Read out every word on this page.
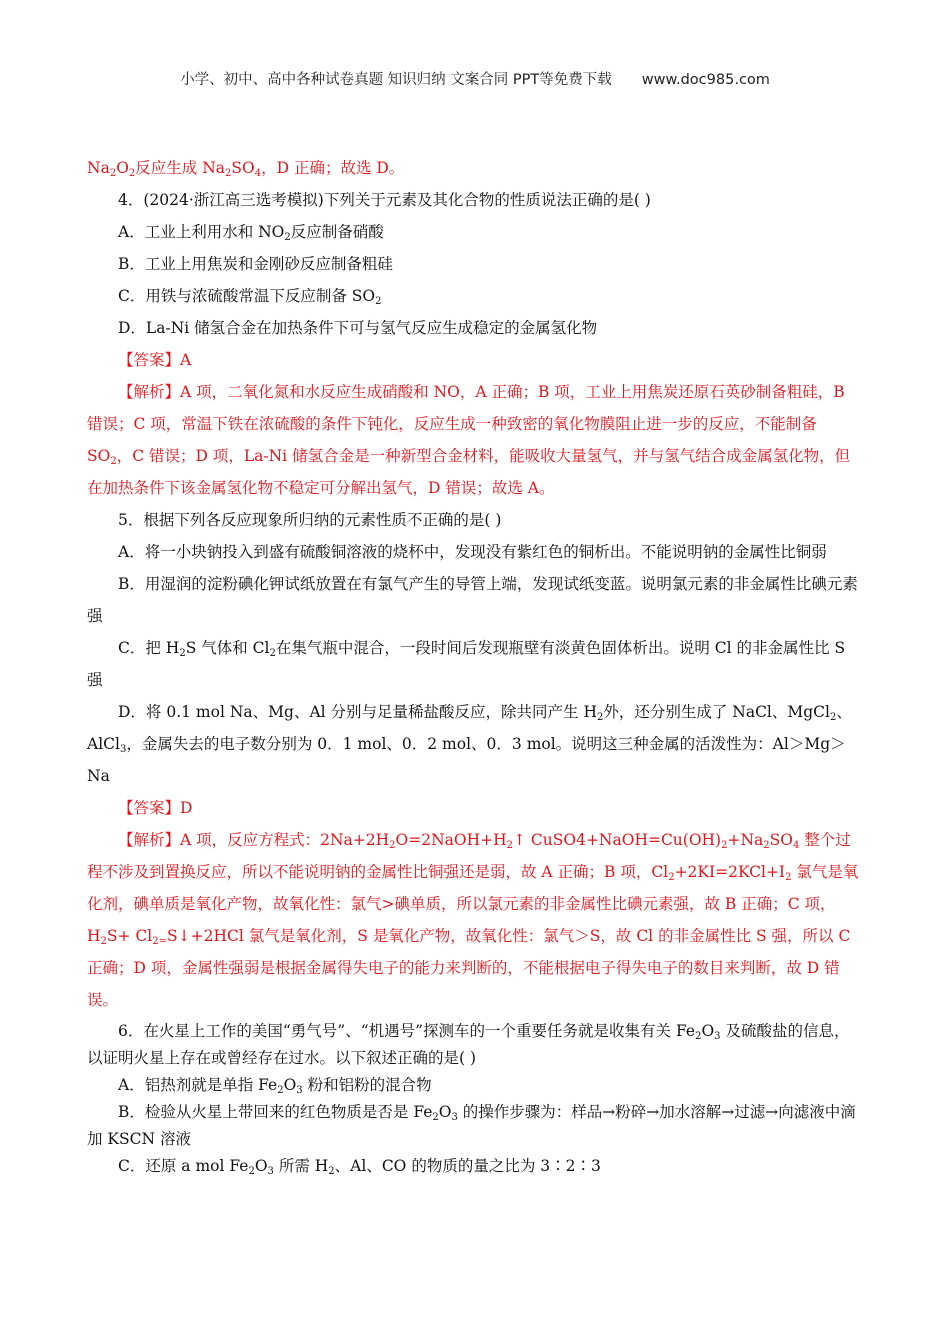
小学、初中、高中各种试卷真题 知识归纳 文案合同 PPT等免费下载 www.doc985.com

$Na_2O_2$反应生成 $Na_2SO_4$，D 正确；故选 D。

4．(2024·浙江高三选考模拟)下列关于元素及其化合物的性质说法正确的是( )

A．工业上利用水和 $NO_2$反应制备硝酸

B．工业上用焦炭和金刚砂反应制备粗硅

C．用铁与浓硫酸常温下反应制备 $SO_2$

D．La-Ni 储氢合金在加热条件下可与氢气反应生成稳定的金属氢化物

【答案】A

【解析】A 项，二氧化氮和水反应生成硝酸和 NO，A 正确；B 项，工业上用焦炭还原石英砂制备粗硅，B 错误；C 项，常温下铁在浓硫酸的条件下钝化，反应生成一种致密的氧化物膜阻止进一步的反应，不能制备 $SO_2$，C 错误；D 项，La-Ni 储氢合金是一种新型合金材料，能吸收大量氢气，并与氢气结合成金属氢化物，但在加热条件下该金属氢化物不稳定可分解出氢气，D 错误；故选 A。

5．根据下列各反应现象所归纳的元素性质不正确的是( )

A．将一小块钠投入到盛有硫酸铜溶液的烧杯中，发现没有紫红色的铜析出。不能说明钠的金属性比铜弱

B．用湿润的淀粉碘化钾试纸放置在有氯气产生的导管上端，发现试纸变蓝。说明氯元素的非金属性比碘元素强

C．把 $H_2S$ 气体和 $Cl_2$在集气瓶中混合，一段时间后发现瓶壁有淡黄色固体析出。说明 Cl 的非金属性比 S 强

D．将 0.1 mol Na、Mg、Al 分别与足量稀盐酸反应，除共同产生 $H_2$外，还分别生成了 NaCl、MgCl$_2$、AlCl$_3$，金属失去的电子数分别为 0．1 mol、0．2 mol、0．3 mol。说明这三种金属的活泼性为：Al＞Mg＞Na

【答案】D

【解析】A 项，反应方程式：$2Na+2H_2O=2NaOH+H_2↑$ $CuSO4+NaOH=Cu(OH)_2+Na_2SO_4$ 整个过程不涉及到置换反应，所以不能说明钠的金属性比铜强还是弱，故 A 正确；B 项，$Cl_2+2KI=2KCl+I_2$ 氯气是氧化剂，碘单质是氧化产物，故氧化性：氯气>碘单质，所以氯元素的非金属性比碘元素强，故 B 正确；C 项，$H_2S+$ $Cl_{2=}S↓+2HCl$ 氯气是氧化剂，S 是氧化产物，故氧化性：氯气＞S，故 Cl 的非金属性比 S 强，所以 C 正确；D 项，金属性强弱是根据金属得失电子的能力来判断的，不能根据电子得失电子的数目来判断，故 D 错误。

6．在火星上工作的美国“勇气号”、“机遇号”探测车的一个重要任务就是收集有关 $Fe_2O_3$ 及硫酸盐的信息，以证明火星上存在或曾经存在过水。以下叙述正确的是( )

A．铝热剂就是单指 $Fe_2O_3$ 粉和铝粉的混合物

B．检验从火星上带回来的红色物质是否是 $Fe_2O_3$ 的操作步骤为：样品→粉碎→加水溶解→过滤→向滤液中滴加 KSCN 溶液

C．还原 a mol $Fe_2O_3$ 所需 $H_2$、Al、CO 的物质的量之比为 3∶2∶3
